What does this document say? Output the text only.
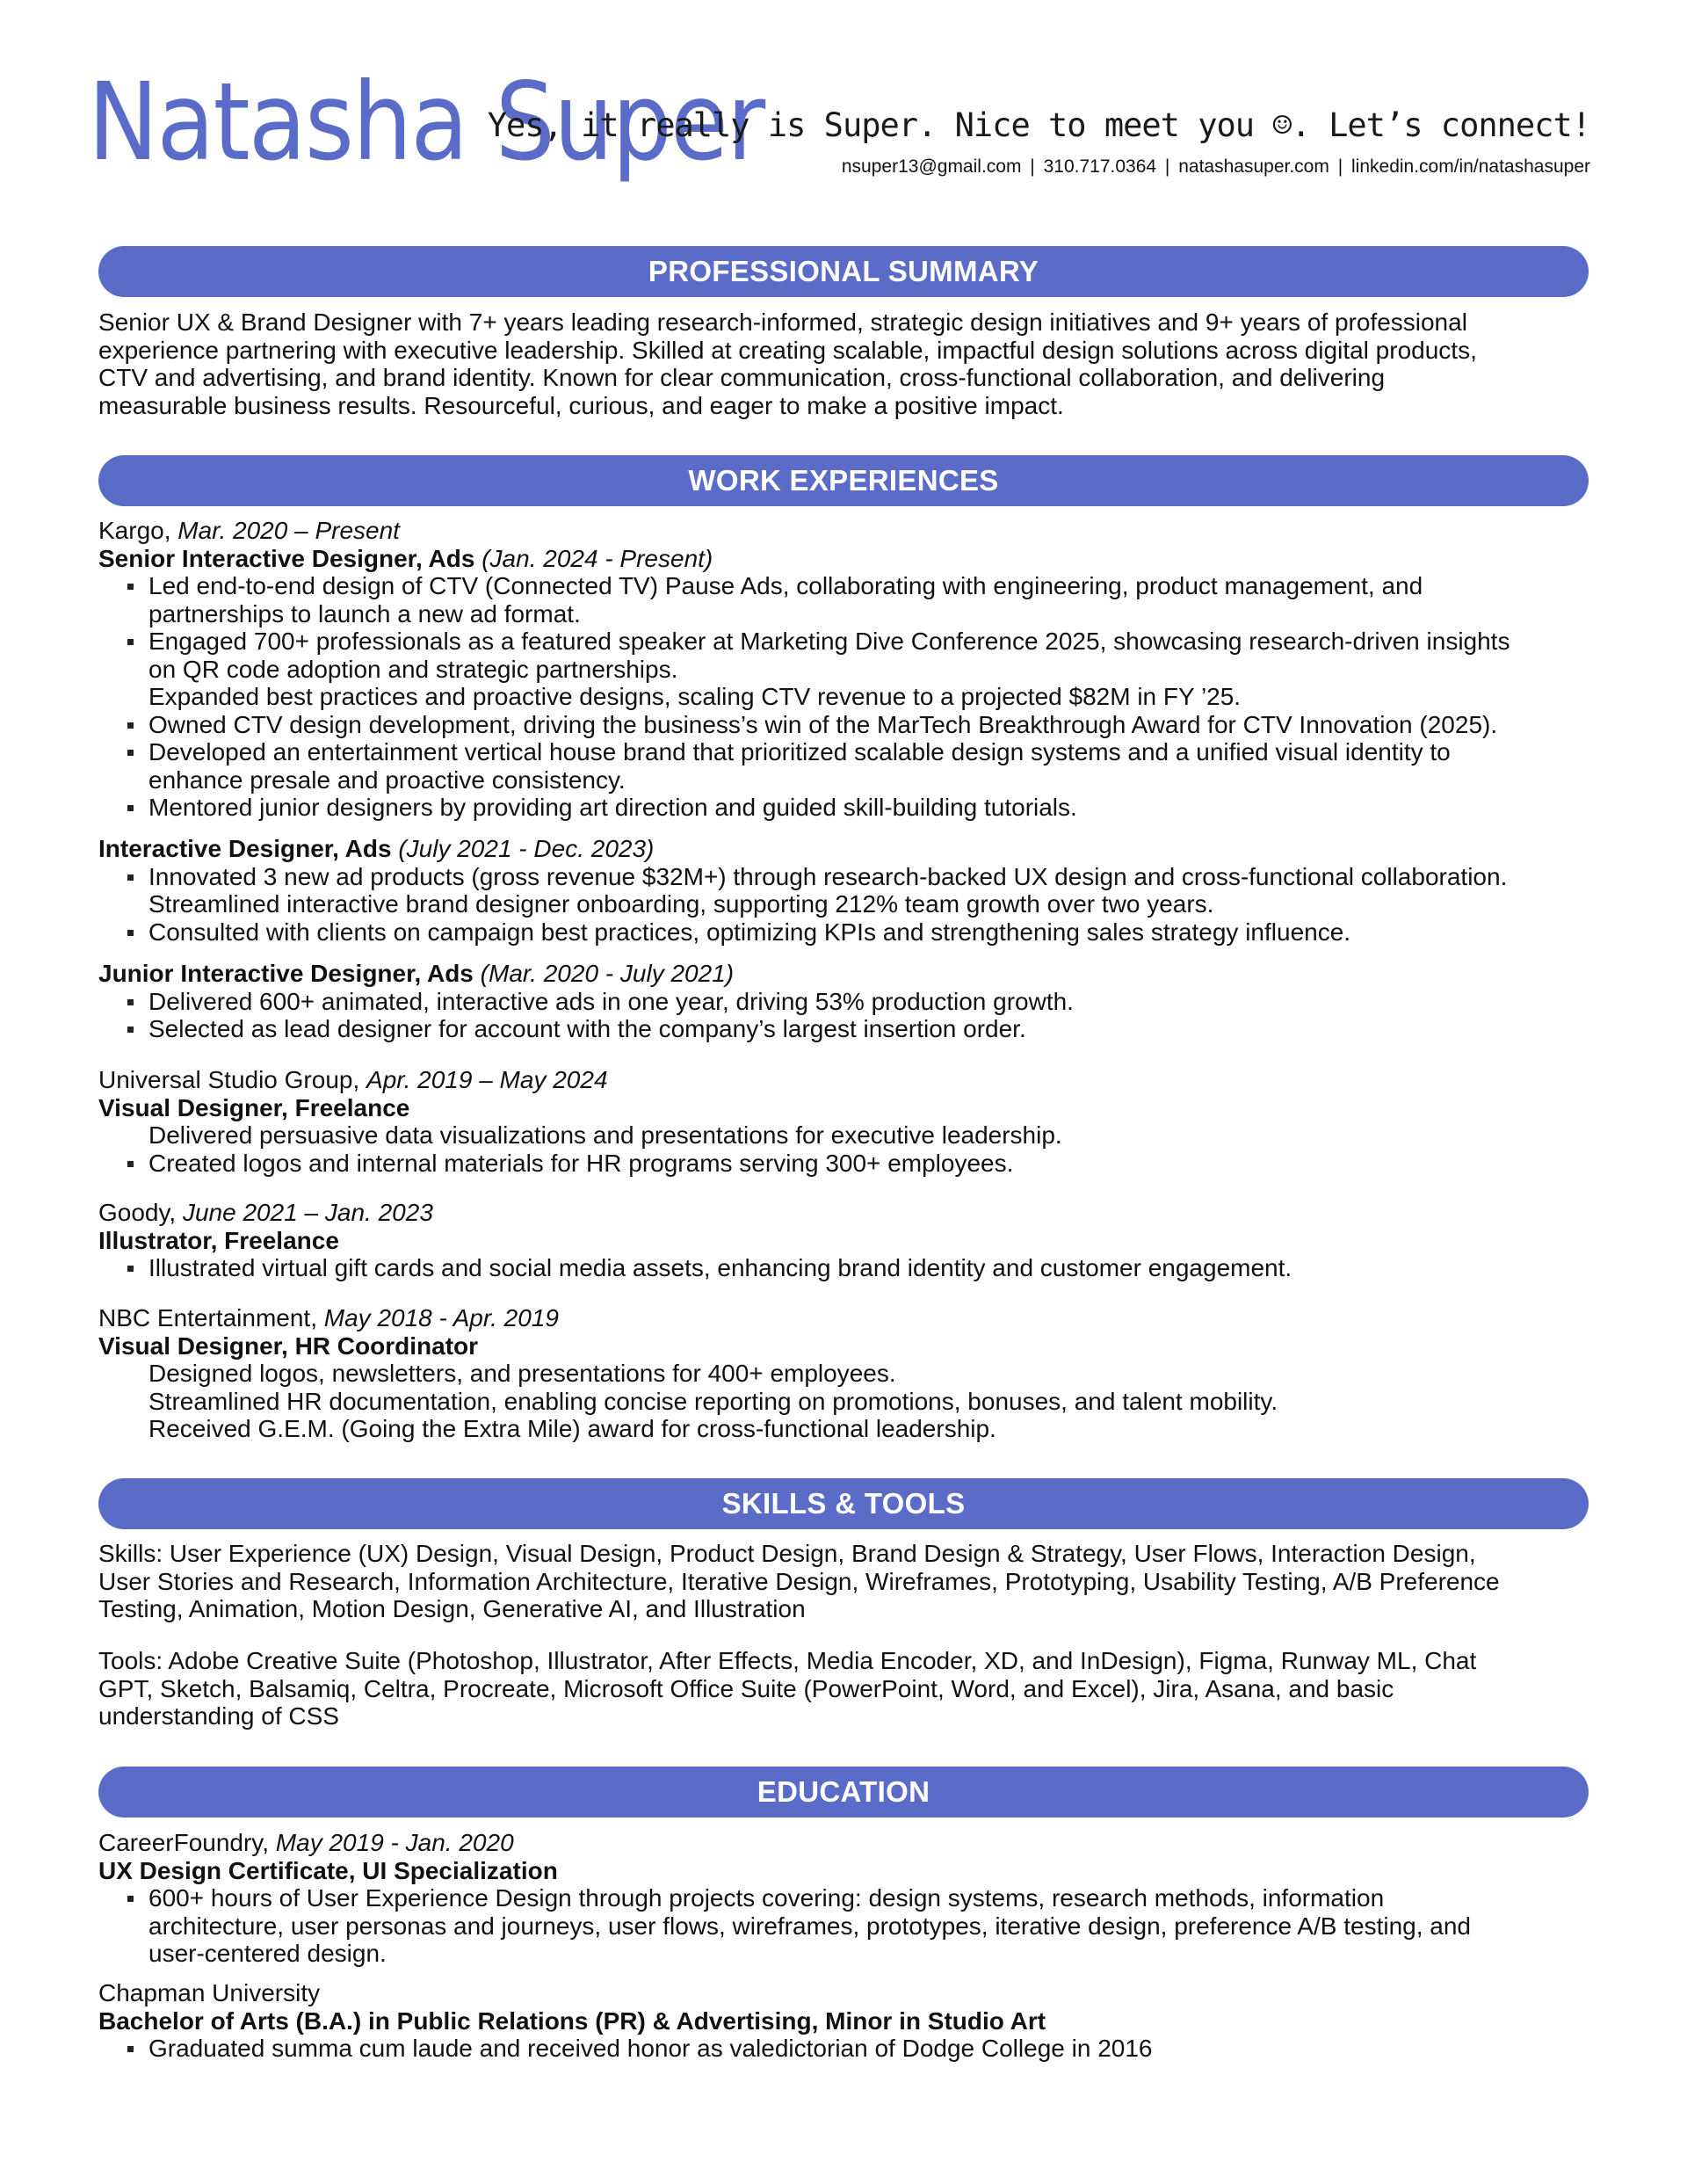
Natasha Super
Yes, it really is Super. Nice to meet you ☺. Let’s connect!
nsuper13@gmail.com | 310.717.0364 | natashasuper.com | linkedin.com/in/natashasuper
PROFESSIONAL SUMMARY

Senior UX & Brand Designer with 7+ years leading research-informed, strategic design initiatives and 9+ years of professional

experience partnering with executive leadership. Skilled at creating scalable, impactful design solutions across digital products,

CTV and advertising, and brand identity. Known for clear communication, cross-functional collaboration, and delivering

measurable business results. Resourceful, curious, and eager to make a positive impact.

WORK EXPERIENCES

Kargo, Mar. 2020 – Present

Senior Interactive Designer, Ads (Jan. 2024 - Present)

Led end-to-end design of CTV (Connected TV) Pause Ads, collaborating with engineering, product management, and
partnerships to launch a new ad format.
Engaged 700+ professionals as a featured speaker at Marketing Dive Conference 2025, showcasing research-driven insights
on QR code adoption and strategic partnerships.
Expanded best practices and proactive designs, scaling CTV revenue to a projected $82M in FY ’25.
Owned CTV design development, driving the business’s win of the MarTech Breakthrough Award for CTV Innovation (2025).
Developed an entertainment vertical house brand that prioritized scalable design systems and a unified visual identity to
enhance presale and proactive consistency.
Mentored junior designers by providing art direction and guided skill-building tutorials.

Interactive Designer, Ads (July 2021 - Dec. 2023)

Innovated 3 new ad products (gross revenue $32M+) through research-backed UX design and cross-functional collaboration.
Streamlined interactive brand designer onboarding, supporting 212% team growth over two years.
Consulted with clients on campaign best practices, optimizing KPIs and strengthening sales strategy influence.

Junior Interactive Designer, Ads (Mar. 2020 - July 2021)

Delivered 600+ animated, interactive ads in one year, driving 53% production growth.
Selected as lead designer for account with the company’s largest insertion order.

Universal Studio Group, Apr. 2019 – May 2024

Visual Designer, Freelance

Delivered persuasive data visualizations and presentations for executive leadership.
Created logos and internal materials for HR programs serving 300+ employees.

Goody, June 2021 – Jan. 2023

Illustrator, Freelance

Illustrated virtual gift cards and social media assets, enhancing brand identity and customer engagement.

NBC Entertainment, May 2018 - Apr. 2019

Visual Designer, HR Coordinator

Designed logos, newsletters, and presentations for 400+ employees.
Streamlined HR documentation, enabling concise reporting on promotions, bonuses, and talent mobility.
Received G.E.M. (Going the Extra Mile) award for cross-functional leadership.
SKILLS & TOOLS

Skills: User Experience (UX) Design, Visual Design, Product Design, Brand Design & Strategy, User Flows, Interaction Design,

User Stories and Research, Information Architecture, Iterative Design, Wireframes, Prototyping, Usability Testing, A/B Preference

Testing, Animation, Motion Design, Generative AI, and Illustration

Tools: Adobe Creative Suite (Photoshop, Illustrator, After Effects, Media Encoder, XD, and InDesign), Figma, Runway ML, Chat

GPT, Sketch, Balsamiq, Celtra, Procreate, Microsoft Office Suite (PowerPoint, Word, and Excel), Jira, Asana, and basic

understanding of CSS

EDUCATION

CareerFoundry, May 2019 - Jan. 2020

UX Design Certificate, UI Specialization

600+ hours of User Experience Design through projects covering: design systems, research methods, information
architecture, user personas and journeys, user flows, wireframes, prototypes, iterative design, preference A/B testing, and
user-centered design.

Chapman University

Bachelor of Arts (B.A.) in Public Relations (PR) & Advertising, Minor in Studio Art

Graduated summa cum laude and received honor as valedictorian of Dodge College in 2016
